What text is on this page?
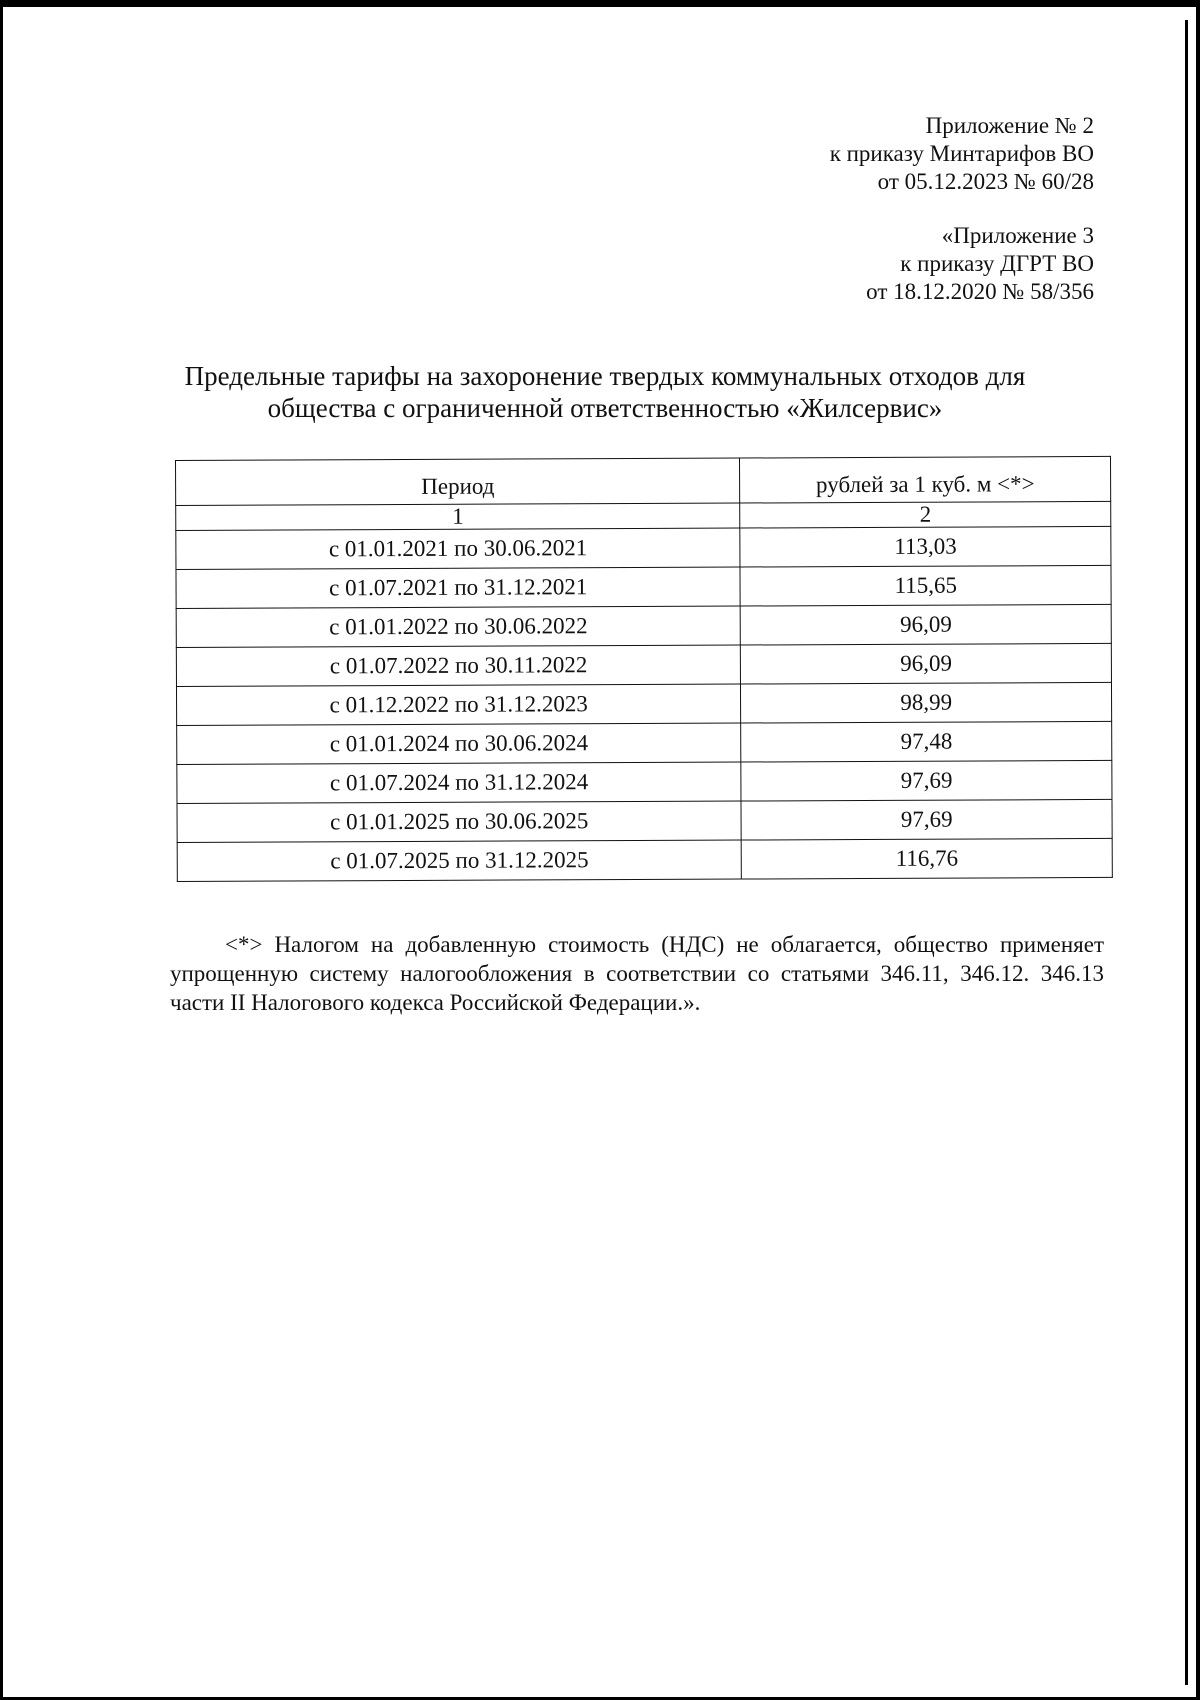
Приложение № 2
к приказу Минтарифов ВО
от 05.12.2023 № 60/28
«Приложение 3
к приказу ДГРТ ВО
от 18.12.2020 № 58/356
Предельные тарифы на захоронение твердых коммунальных отходов для
общества с ограниченной ответственностью «Жилсервис»
Период	рублей за 1 куб. м <*>
1	2
с 01.01.2021 по 30.06.2021	113,03
с 01.07.2021 по 31.12.2021	115,65
с 01.01.2022 по 30.06.2022	96,09
с 01.07.2022 по 30.11.2022	96,09
с 01.12.2022 по 31.12.2023	98,99
с 01.01.2024 по 30.06.2024	97,48
с 01.07.2024 по 31.12.2024	97,69
с 01.01.2025 по 30.06.2025	97,69
с 01.07.2025 по 31.12.2025	116,76
<*> Налогом на добавленную стоимость (НДС) не облагается, общество применяет упрощенную систему налогообложения в соответствии со статьями 346.11, 346.12. 346.13 части II Налогового кодекса Российской Федерации.».
